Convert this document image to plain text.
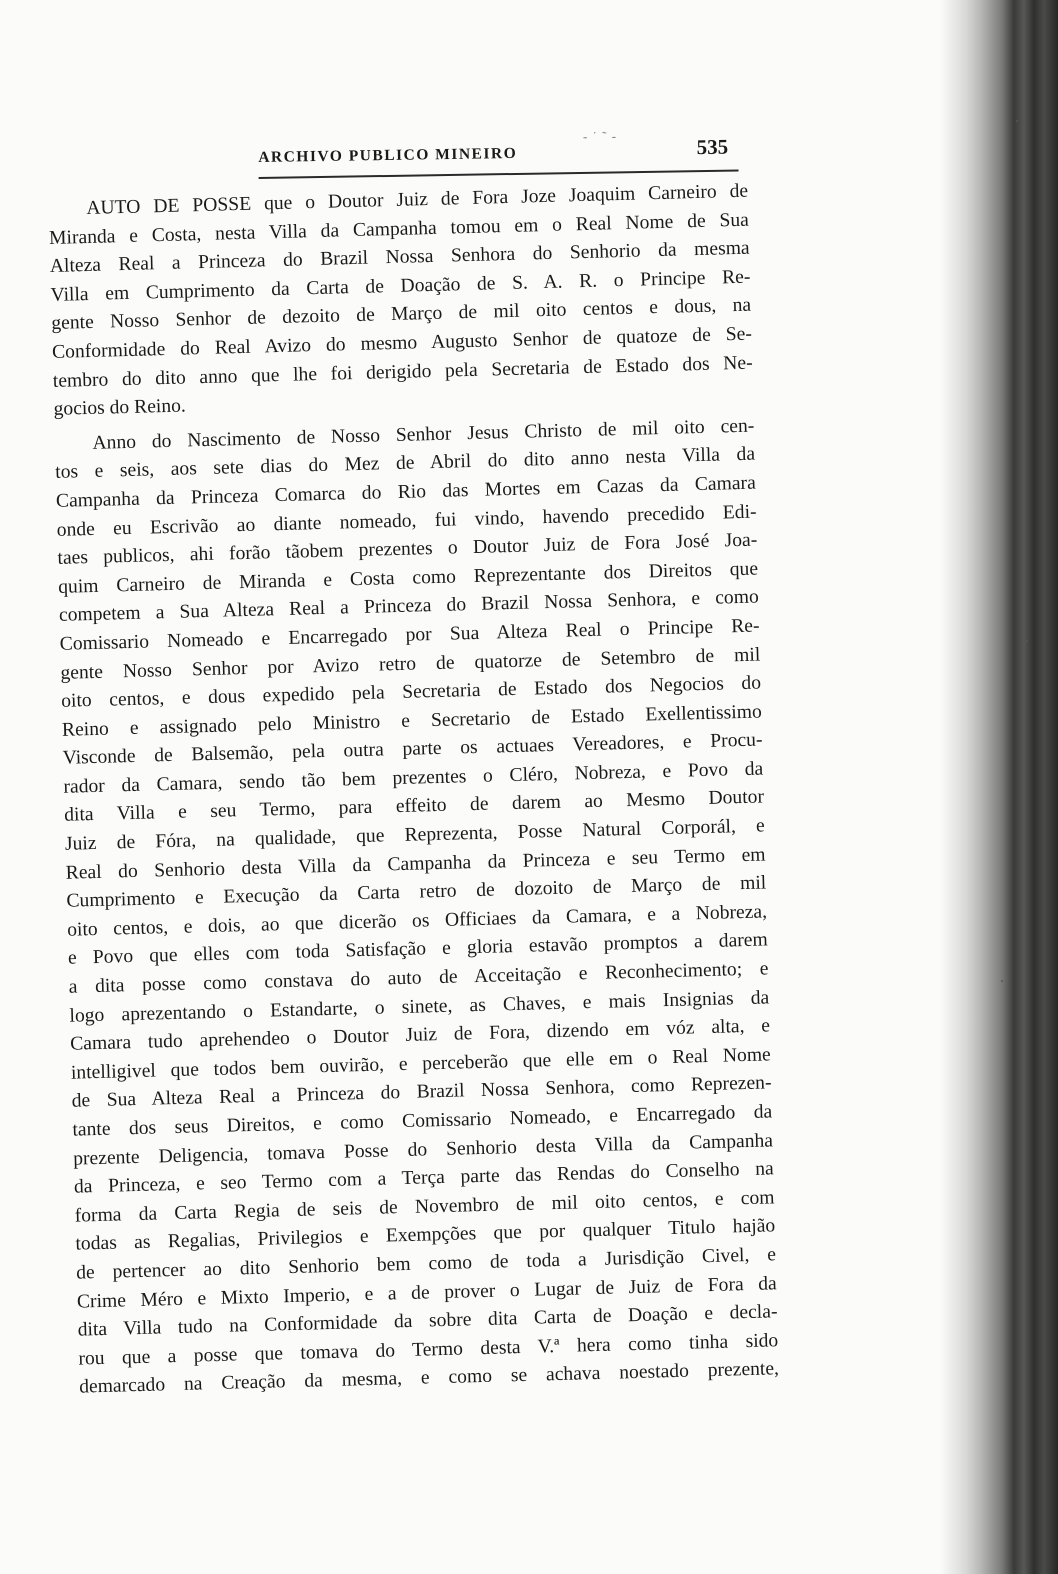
ARCHIVO PUBLICO MINEIRO
‐ ˙ ˜ ‐	535
AUTO DE POSSE que o Doutor Juiz de Fora Joze Joaquim Carneiro de
Miranda e Costa, nesta Villa da Campanha tomou em o Real Nome de Sua
Alteza Real a Princeza do Brazil Nossa Senhora do Senhorio da mesma
Villa em Cumprimento da Carta de Doação de S. A. R. o Principe Re-
gente Nosso Senhor de dezoito de Março de mil oito centos e dous, na
Conformidade do Real Avizo do mesmo Augusto Senhor de quatoze de Se-
tembro do dito anno que lhe foi derigido pela Secretaria de Estado dos Ne-
gocios do Reino.
Anno do Nascimento de Nosso Senhor Jesus Christo de mil oito cen-
tos e seis, aos sete dias do Mez de Abril do dito anno nesta Villa da
Campanha da Princeza Comarca do Rio das Mortes em Cazas da Camara
onde eu Escrivão ao diante nomeado, fui vindo, havendo precedido Edi-
taes publicos, ahi forão tãobem prezentes o Doutor Juiz de Fora José Joa-
quim Carneiro de Miranda e Costa como Reprezentante dos Direitos que
competem a Sua Alteza Real a Princeza do Brazil Nossa Senhora, e como
Comissario Nomeado e Encarregado por Sua Alteza Real o Principe Re-
gente Nosso Senhor por Avizo retro de quatorze de Setembro de mil
oito centos, e dous expedido pela Secretaria de Estado dos Negocios do
Reino e assignado pelo Ministro e Secretario de Estado Exellentissimo
Visconde de Balsemão, pela outra parte os actuaes Vereadores, e Procu-
rador da Camara, sendo tão bem prezentes o Cléro, Nobreza, e Povo da
dita Villa e seu Termo, para effeito de darem ao Mesmo Doutor
Juiz de Fóra, na qualidade, que Reprezenta, Posse Natural Corporál, e
Real do Senhorio desta Villa da Campanha da Princeza e seu Termo em
Cumprimento e Execução da Carta retro de dozoito de Março de mil
oito centos, e dois, ao que dicerão os Officiaes da Camara, e a Nobreza,
e Povo que elles com toda Satisfação e gloria estavão promptos a darem
a dita posse como constava do auto de Acceitação e Reconhecimento; e
logo aprezentando o Estandarte, o sinete, as Chaves, e mais Insignias da
Camara tudo aprehendeo o Doutor Juiz de Fora, dizendo em vóz alta, e
intelligivel que todos bem ouvirão, e perceberão que elle em o Real Nome
de Sua Alteza Real a Princeza do Brazil Nossa Senhora, como Reprezen-
tante dos seus Direitos, e como Comissario Nomeado, e Encarregado da
prezente Deligencia, tomava Posse do Senhorio desta Villa da Campanha
da Princeza, e seo Termo com a Terça parte das Rendas do Conselho na
forma da Carta Regia de seis de Novembro de mil oito centos, e com
todas as Regalias, Privilegios e Exempções que por qualquer Titulo hajão
de pertencer ao dito Senhorio bem como de toda a Jurisdição Civel, e
Crime Méro e Mixto Imperio, e a de prover o Lugar de Juiz de Fora da
dita Villa tudo na Conformidade da sobre dita Carta de Doação e decla-
rou que a posse que tomava do Termo desta V.ª hera como tinha sido
demarcado na Creação da mesma, e como se achava noestado prezente,
